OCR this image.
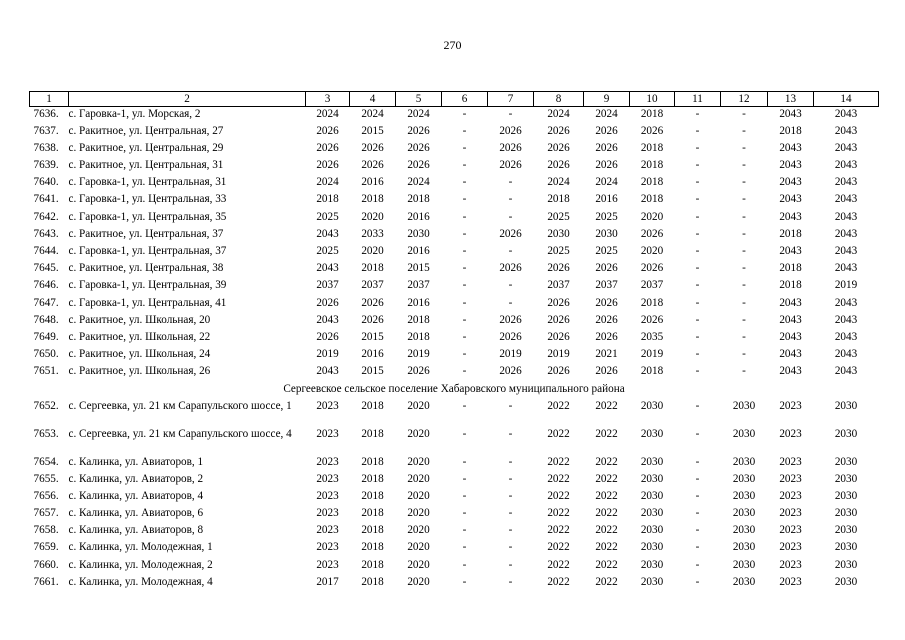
270
1	2	3	4	5	6	7	8	9	10	11	12	13	14
7636.	с. Гаровка-1, ул. Морская, 2	2024	2024	2024	-	-	2024	2024	2018	-	-	2043	2043
7637.	с. Ракитное, ул. Центральная, 27	2026	2015	2026	-	2026	2026	2026	2026	-	-	2018	2043
7638.	с. Ракитное, ул. Центральная, 29	2026	2026	2026	-	2026	2026	2026	2018	-	-	2043	2043
7639.	с. Ракитное, ул. Центральная, 31	2026	2026	2026	-	2026	2026	2026	2018	-	-	2043	2043
7640.	с. Гаровка-1, ул. Центральная, 31	2024	2016	2024	-	-	2024	2024	2018	-	-	2043	2043
7641.	с. Гаровка-1, ул. Центральная, 33	2018	2018	2018	-	-	2018	2016	2018	-	-	2043	2043
7642.	с. Гаровка-1, ул. Центральная, 35	2025	2020	2016	-	-	2025	2025	2020	-	-	2043	2043
7643.	с. Ракитное, ул. Центральная, 37	2043	2033	2030	-	2026	2030	2030	2026	-	-	2018	2043
7644.	с. Гаровка-1, ул. Центральная, 37	2025	2020	2016	-	-	2025	2025	2020	-	-	2043	2043
7645.	с. Ракитное, ул. Центральная, 38	2043	2018	2015	-	2026	2026	2026	2026	-	-	2018	2043
7646.	с. Гаровка-1, ул. Центральная, 39	2037	2037	2037	-	-	2037	2037	2037	-	-	2018	2019
7647.	с. Гаровка-1, ул. Центральная, 41	2026	2026	2016	-	-	2026	2026	2018	-	-	2043	2043
7648.	с. Ракитное, ул. Школьная, 20	2043	2026	2018	-	2026	2026	2026	2026	-	-	2043	2043
7649.	с. Ракитное, ул. Школьная, 22	2026	2015	2018	-	2026	2026	2026	2035	-	-	2043	2043
7650.	с. Ракитное, ул. Школьная, 24	2019	2016	2019	-	2019	2019	2021	2019	-	-	2043	2043
7651.	с. Ракитное, ул. Школьная, 26	2043	2015	2026	-	2026	2026	2026	2018	-	-	2043	2043
Сергеевское сельское поселение Хабаровского муниципального района													
7652.	с. Сергеевка, ул. 21 км Сарапульского шоссе, 1	2023	2018	2020	-	-	2022	2022	2030	-	2030	2023	2030
7653.	с. Сергеевка, ул. 21 км Сарапульского шоссе, 4	2023	2018	2020	-	-	2022	2022	2030	-	2030	2023	2030
7654.	с. Калинка, ул. Авиаторов, 1	2023	2018	2020	-	-	2022	2022	2030	-	2030	2023	2030
7655.	с. Калинка, ул. Авиаторов, 2	2023	2018	2020	-	-	2022	2022	2030	-	2030	2023	2030
7656.	с. Калинка, ул. Авиаторов, 4	2023	2018	2020	-	-	2022	2022	2030	-	2030	2023	2030
7657.	с. Калинка, ул. Авиаторов, 6	2023	2018	2020	-	-	2022	2022	2030	-	2030	2023	2030
7658.	с. Калинка, ул. Авиаторов, 8	2023	2018	2020	-	-	2022	2022	2030	-	2030	2023	2030
7659.	с. Калинка, ул. Молодежная, 1	2023	2018	2020	-	-	2022	2022	2030	-	2030	2023	2030
7660.	с. Калинка, ул. Молодежная, 2	2023	2018	2020	-	-	2022	2022	2030	-	2030	2023	2030
7661.	с. Калинка, ул. Молодежная, 4	2017	2018	2020	-	-	2022	2022	2030	-	2030	2023	2030
